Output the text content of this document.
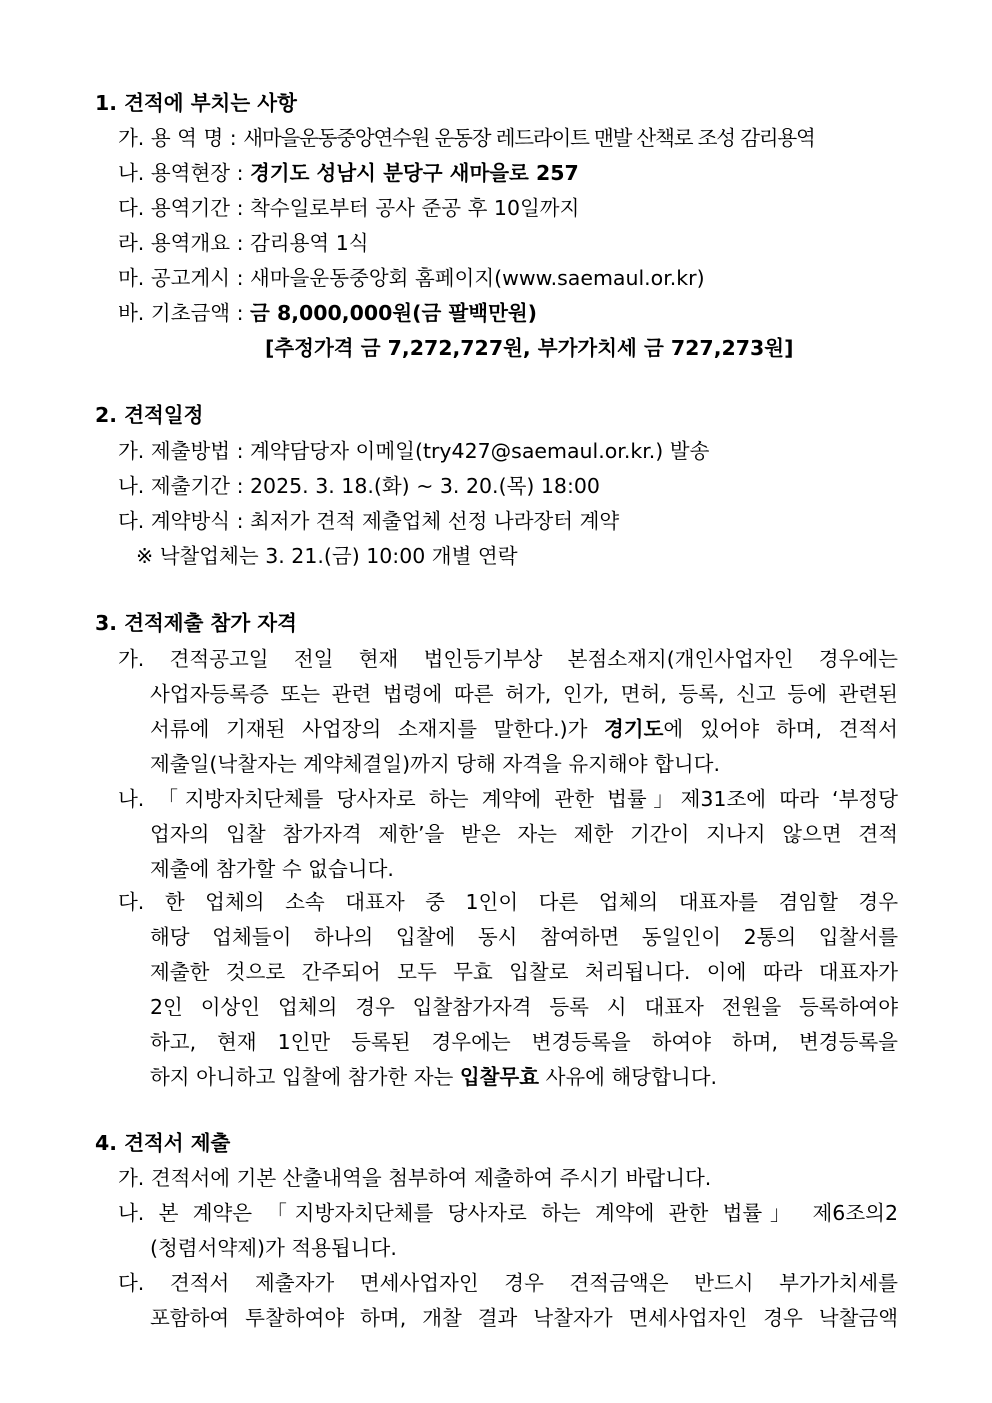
1. 견적에 부치는 사항
가. 용 역 명 : 새마을운동중앙연수원 운동장 레드라이트 맨발 산책로 조성 감리용역
나. 용역현장 : 경기도 성남시 분당구 새마을로 257
다. 용역기간 : 착수일로부터 공사 준공 후 10일까지
라. 용역개요 : 감리용역 1식
마. 공고게시 : 새마을운동중앙회 홈페이지(www.saemaul.or.kr)
바. 기초금액 : 금 8,000,000원(금 팔백만원)
[추정가격 금 7,272,727원, 부가가치세 금 727,273원]
2. 견적일정
가. 제출방법 : 계약담당자 이메일(try427@saemaul.or.kr.) 발송
나. 제출기간 : 2025. 3. 18.(화) ~ 3. 20.(목) 18:00
다. 계약방식 : 최저가 견적 제출업체 선정 나라장터 계약
※ 낙찰업체는 3. 21.(금) 10:00 개별 연락
3. 견적제출 참가 자격
가. 견적공고일 전일 현재 법인등기부상 본점소재지(개인사업자인 경우에는
사업자등록증 또는 관련 법령에 따른 허가, 인가, 면허, 등록, 신고 등에 관련된
서류에 기재된 사업장의 소재지를 말한다.)가 경기도에 있어야 하며, 견적서
제출일(낙찰자는 계약체결일)까지 당해 자격을 유지해야 합니다.
나. 「지방자치단체를 당사자로 하는 계약에 관한 법률」제31조에 따라 ‘부정당
업자의 입찰 참가자격 제한’을 받은 자는 제한 기간이 지나지 않으면 견적
제출에 참가할 수 없습니다.
다. 한 업체의 소속 대표자 중 1인이 다른 업체의 대표자를 겸임할 경우
해당 업체들이 하나의 입찰에 동시 참여하면 동일인이 2통의 입찰서를
제출한 것으로 간주되어 모두 무효 입찰로 처리됩니다. 이에 따라 대표자가
2인 이상인 업체의 경우 입찰참가자격 등록 시 대표자 전원을 등록하여야
하고, 현재 1인만 등록된 경우에는 변경등록을 하여야 하며, 변경등록을
하지 아니하고 입찰에 참가한 자는 입찰무효 사유에 해당합니다.
4. 견적서 제출
가. 견적서에 기본 산출내역을 첨부하여 제출하여 주시기 바랍니다.
나. 본 계약은 「지방자치단체를 당사자로 하는 계약에 관한 법률」 제6조의2
(청렴서약제)가 적용됩니다.
다. 견적서 제출자가 면세사업자인 경우 견적금액은 반드시 부가가치세를
포함하여 투찰하여야 하며, 개찰 결과 낙찰자가 면세사업자인 경우 낙찰금액
